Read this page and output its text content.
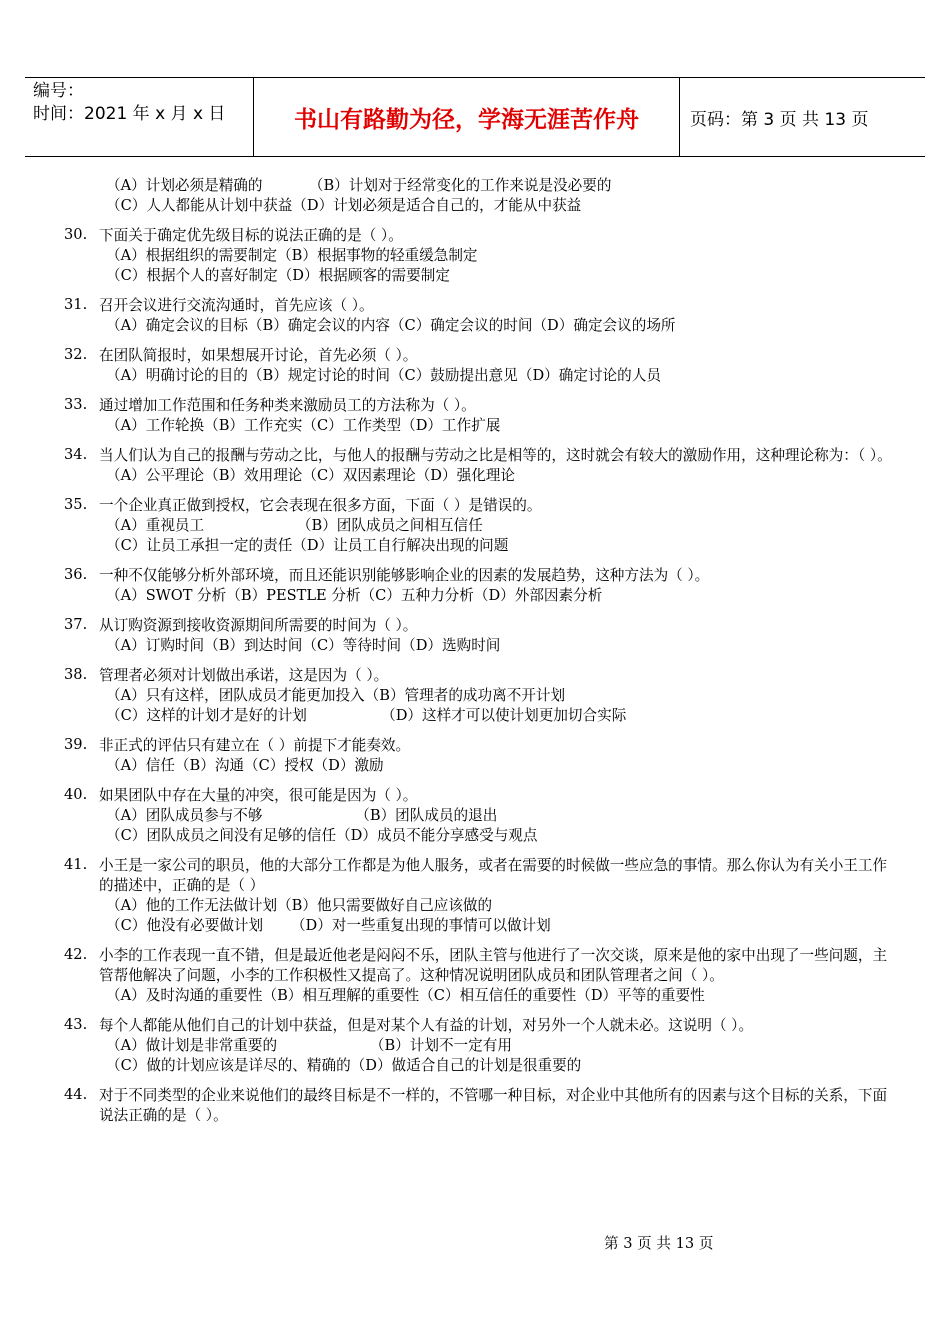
编号：
时间：2021 年 x 月 x 日	书山有路勤为径，学海无涯苦作舟	页码：第 3 页 共 13 页
（A）计划必须是精确的          （B）计划对于经常变化的工作来说是没必要的
（C）人人都能从计划中获益（D）计划必须是适合自己的，才能从中获益
30. 下面关于确定优先级目标的说法正确的是（ ）。
（A）根据组织的需要制定（B）根据事物的轻重缓急制定
（C）根据个人的喜好制定（D）根据顾客的需要制定
31. 召开会议进行交流沟通时，首先应该（ ）。
（A）确定会议的目标（B）确定会议的内容（C）确定会议的时间（D）确定会议的场所
32. 在团队简报时，如果想展开讨论，首先必须（ ）。
（A）明确讨论的目的（B）规定讨论的时间（C）鼓励提出意见（D）确定讨论的人员
33. 通过增加工作范围和任务种类来激励员工的方法称为（ ）。
（A）工作轮换（B）工作充实（C）工作类型（D）工作扩展
34. 当人们认为自己的报酬与劳动之比，与他人的报酬与劳动之比是相等的，这时就会有较大的激励作用，这种理论称为：（ ）。
（A）公平理论（B）效用理论（C）双因素理论（D）强化理论
35. 一个企业真正做到授权，它会表现在很多方面，下面（ ）是错误的。
（A）重视员工                    （B）团队成员之间相互信任
（C）让员工承担一定的责任（D）让员工自行解决出现的问题
36. 一种不仅能够分析外部环境，而且还能识别能够影响企业的因素的发展趋势，这种方法为（ ）。
（A）SWOT 分析（B）PESTLE 分析（C）五种力分析（D）外部因素分析
37. 从订购资源到接收资源期间所需要的时间为（ ）。
（A）订购时间（B）到达时间（C）等待时间（D）选购时间
38. 管理者必须对计划做出承诺，这是因为（ ）。
（A）只有这样，团队成员才能更加投入（B）管理者的成功离不开计划
（C）这样的计划才是好的计划                （D）这样才可以使计划更加切合实际
39. 非正式的评估只有建立在（ ）前提下才能奏效。
（A）信任（B）沟通（C）授权（D）激励
40. 如果团队中存在大量的冲突，很可能是因为（ ）。
（A）团队成员参与不够                    （B）团队成员的退出
（C）团队成员之间没有足够的信任（D）成员不能分享感受与观点
41. 小王是一家公司的职员，他的大部分工作都是为他人服务，或者在需要的时候做一些应急的事情。那么你认为有关小王工作的描述中，正确的是（ ）
（A）他的工作无法做计划（B）他只需要做好自己应该做的
（C）他没有必要做计划      （D）对一些重复出现的事情可以做计划
42. 小李的工作表现一直不错，但是最近他老是闷闷不乐，团队主管与他进行了一次交谈，原来是他的家中出现了一些问题，主管帮他解决了问题，小李的工作积极性又提高了。这种情况说明团队成员和团队管理者之间（ ）。
（A）及时沟通的重要性（B）相互理解的重要性（C）相互信任的重要性（D）平等的重要性
43. 每个人都能从他们自己的计划中获益，但是对某个人有益的计划，对另外一个人就未必。这说明（ ）。
（A）做计划是非常重要的                    （B）计划不一定有用
（C）做的计划应该是详尽的、精确的（D）做适合自己的计划是很重要的
44. 对于不同类型的企业来说他们的最终目标是不一样的，不管哪一种目标，对企业中其他所有的因素与这个目标的关系，下面说法正确的是（ ）。
第 3 页 共 13 页
